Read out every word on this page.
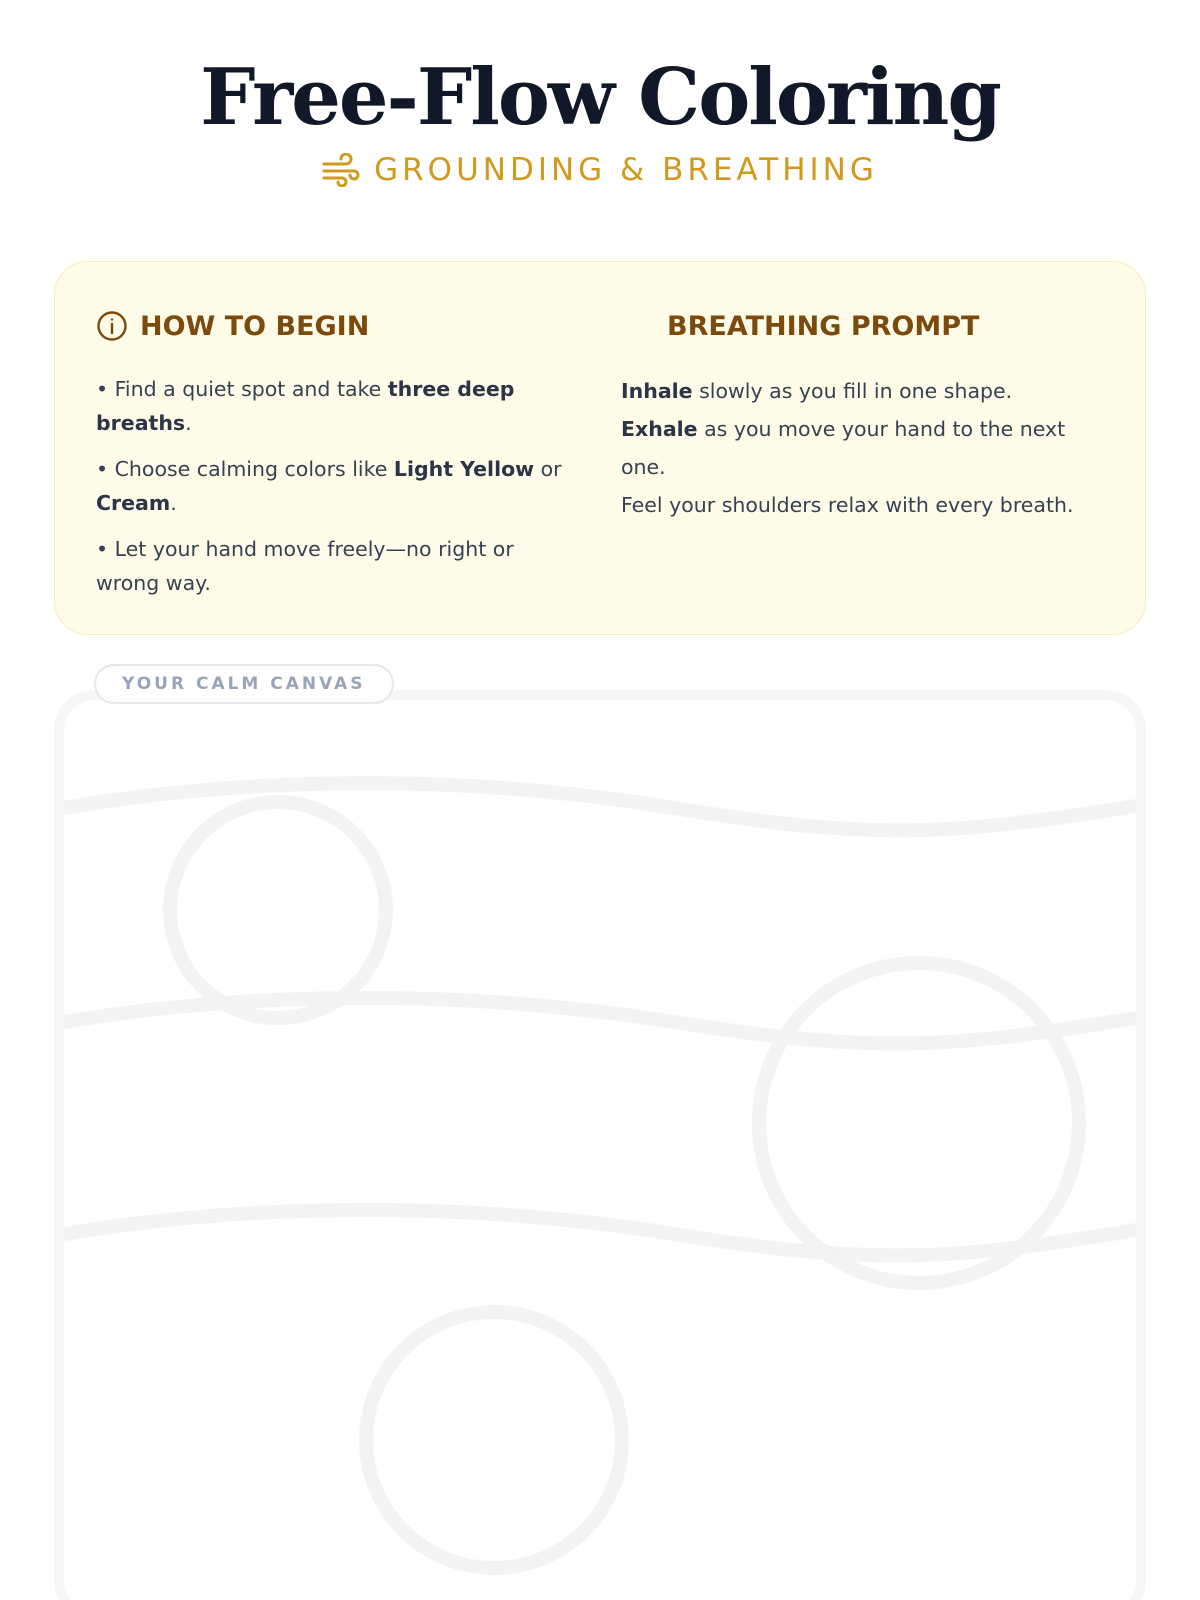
Free-Flow Coloring
GROUNDING & BREATHING
HOW TO BEGIN

• Find a quiet spot and take three deep breaths.

• Choose calming colors like Light Yellow or Cream.

• Let your hand move freely—no right or wrong way.

BREATHING PROMPT

Inhale slowly as you fill in one shape.

Exhale as you move your hand to the next one.

Feel your shoulders relax with every breath.

YOUR CALM CANVAS
